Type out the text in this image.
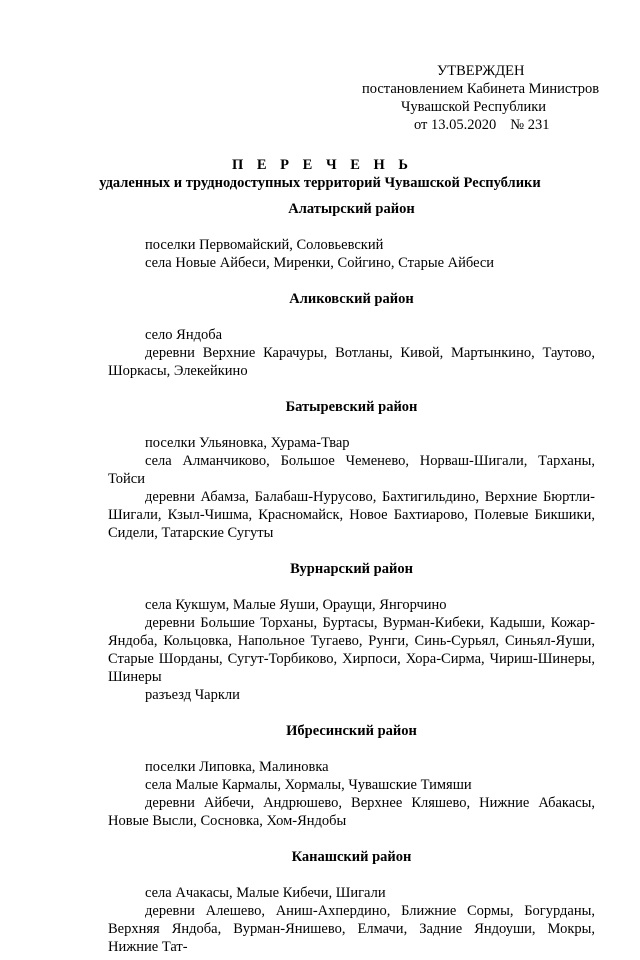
УТВЕРЖДЕН
постановлением Кабинета Министров
Чувашской Республики
от 13.05.2020 № 231
П Е Р Е Ч Е Н Ь
удаленных и труднодоступных территорий Чувашской Республики

Алатырский район

поселки Первомайский, Соловьевский

села Новые Айбеси, Миренки, Сойгино, Старые Айбеси

Аликовский район

село Яндоба

деревни Верхние Карачуры, Вотланы, Кивой, Мартынкино, Таутово, Шоркасы, Элекейкино

Батыревский район

поселки Ульяновка, Хурама-Твар

села Алманчиково, Большое Чеменево, Норваш-Шигали, Тарханы, Тойси

деревни Абамза, Балабаш-Нурусово, Бахтигильдино, Верхние Бюртли-Шигали, Кзыл-Чишма, Красномайск, Новое Бахтиарово, Полевые Бикшики, Сидели, Татарские Сугуты

Вурнарский район

села Кукшум, Малые Яуши, Ораущи, Янгорчино

деревни Большие Торханы, Буртасы, Вурман-Кибеки, Кадыши, Кожар-Яндоба, Кольцовка, Напольное Тугаево, Рунги, Синь-Сурьял, Синьял-Яуши, Старые Шорданы, Сугут-Торбиково, Хирпоси, Хора-Сирма, Чириш-Шинеры, Шинеры

разъезд Чаркли

Ибресинский район

поселки Липовка, Малиновка

села Малые Кармалы, Хормалы, Чувашские Тимяши

деревни Айбечи, Андрюшево, Верхнее Кляшево, Нижние Абакасы, Новые Высли, Сосновка, Хом-Яндобы

Канашский район

села Ачакасы, Малые Кибечи, Шигали

деревни Алешево, Аниш-Ахпердино, Ближние Сормы, Богурданы, Верхняя Яндоба, Вурман-Янишево, Елмачи, Задние Яндоуши, Мокры, Нижние Тат-
